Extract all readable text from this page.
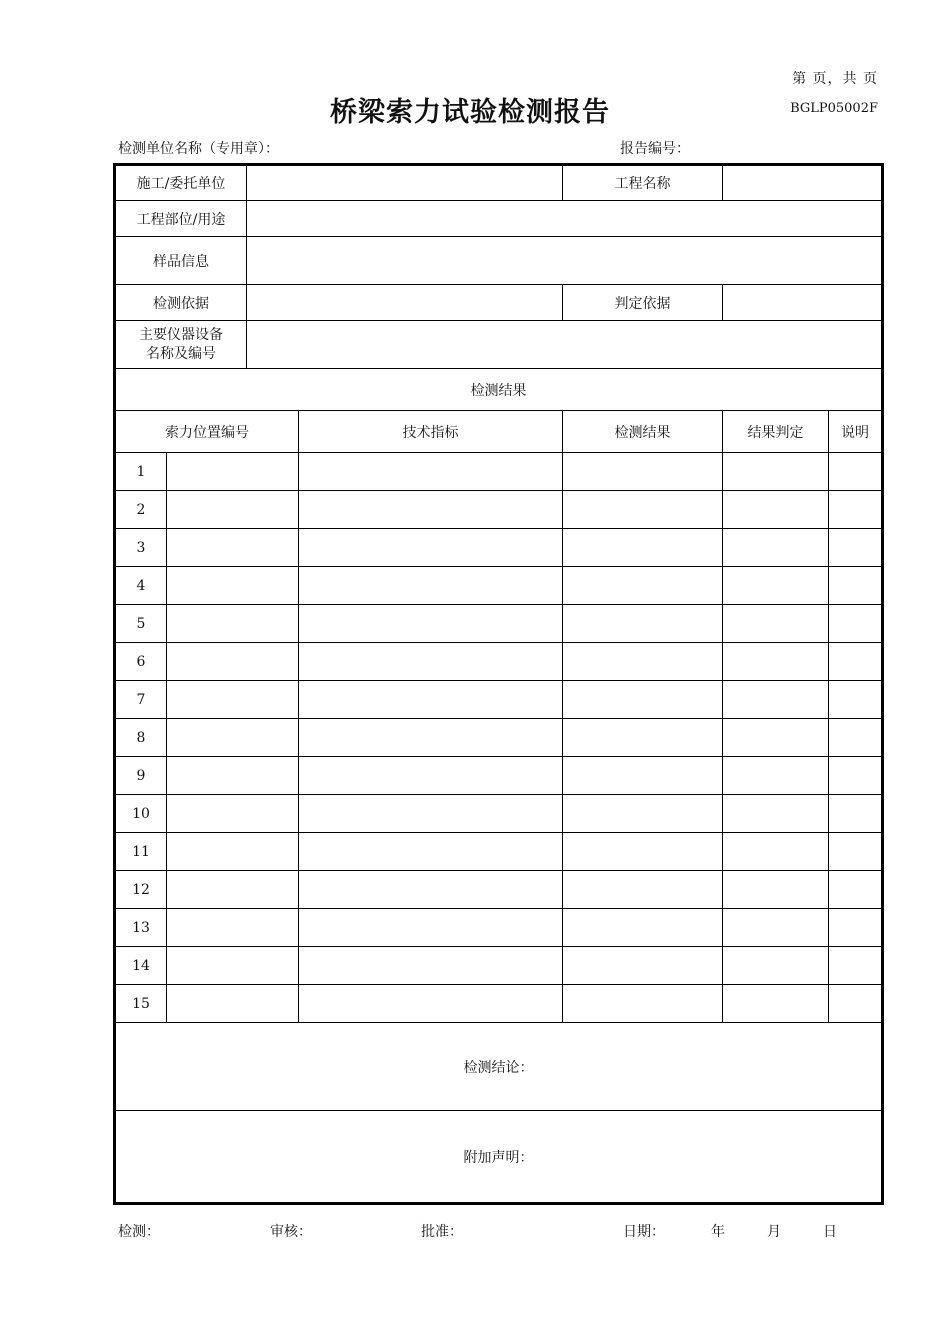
第 页，共 页
桥梁索力试验检测报告	BGLP05002F
检测单位名称（专用章）：	报告编号：
施工/委托单位				工程名称		
工程部位/用途						
样品信息						
检测依据				判定依据		

主要仪器设备
名称及编号						

检测结果						
索力位置编号			技术指标	检测结果	结果判定	说明
1						
2						
3						
4						
5						
6						
7						
8						
9						
10						
11						
12						
13						
14						
15						
检测结论：						
附加声明：						
检测：	审核：	批准：	日期：	年	月	日
